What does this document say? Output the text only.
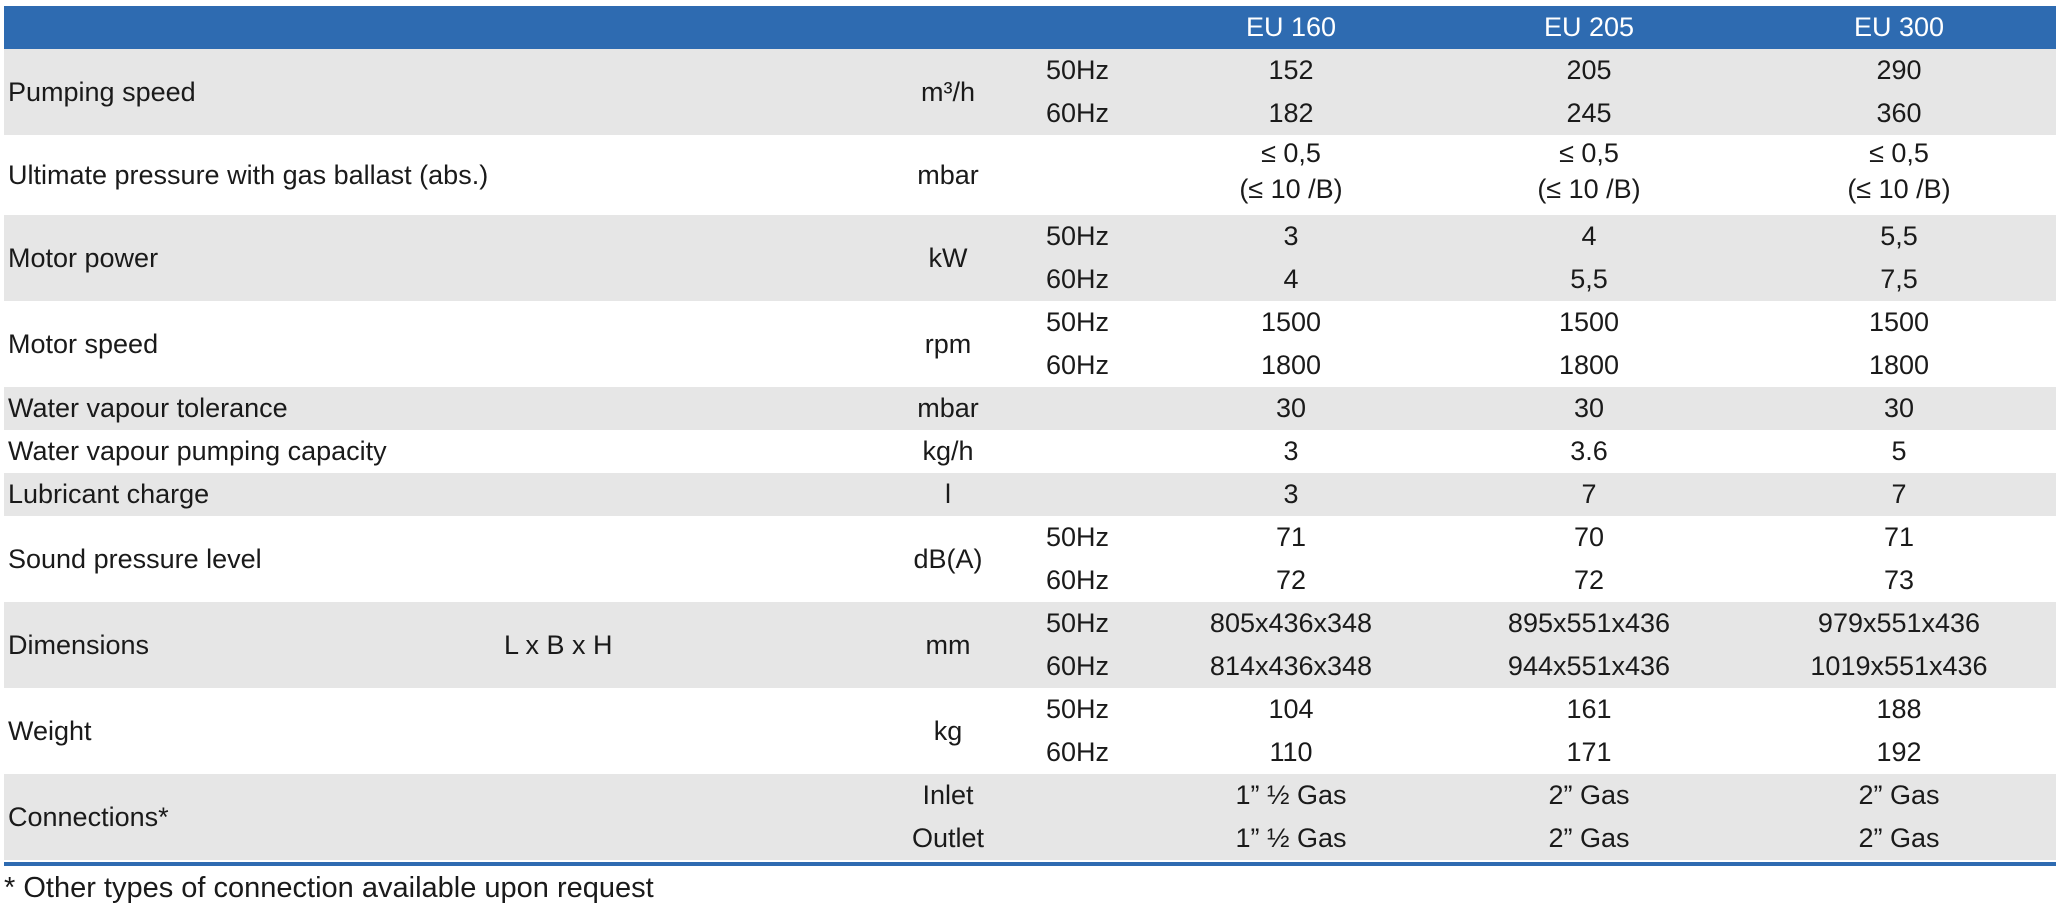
EU 160	EU 205	EU 300
Pumping speed	m³/h
50Hz	152	205	290
60Hz	182	245	360
Ultimate pressure with gas ballast (abs.)	mbar
≤ 0,5	≤ 0,5	≤ 0,5
(≤ 10 /B)	(≤ 10 /B)	(≤ 10 /B)
Motor power	kW
50Hz	3	4	5,5
60Hz	4	5,5	7,5
Motor speed	rpm
50Hz	1500	1500	1500
60Hz	1800	1800	1800
Water vapour tolerance	mbar	30	30	30
Water vapour pumping capacity	kg/h	3	3.6	5
Lubricant charge	l	3	7	7
Sound pressure level	dB(A)
50Hz	71	70	71
60Hz	72	72	73
Dimensions	L x B x H	mm
50Hz	805x436x348	895x551x436	979x551x436
60Hz	814x436x348	944x551x436	1019x551x436
Weight	kg
50Hz	104	161	188
60Hz	110	171	192
Connections*
Inlet	1” ½ Gas	2” Gas	2” Gas
Outlet	1” ½ Gas	2” Gas	2” Gas
* Other types of connection available upon request
